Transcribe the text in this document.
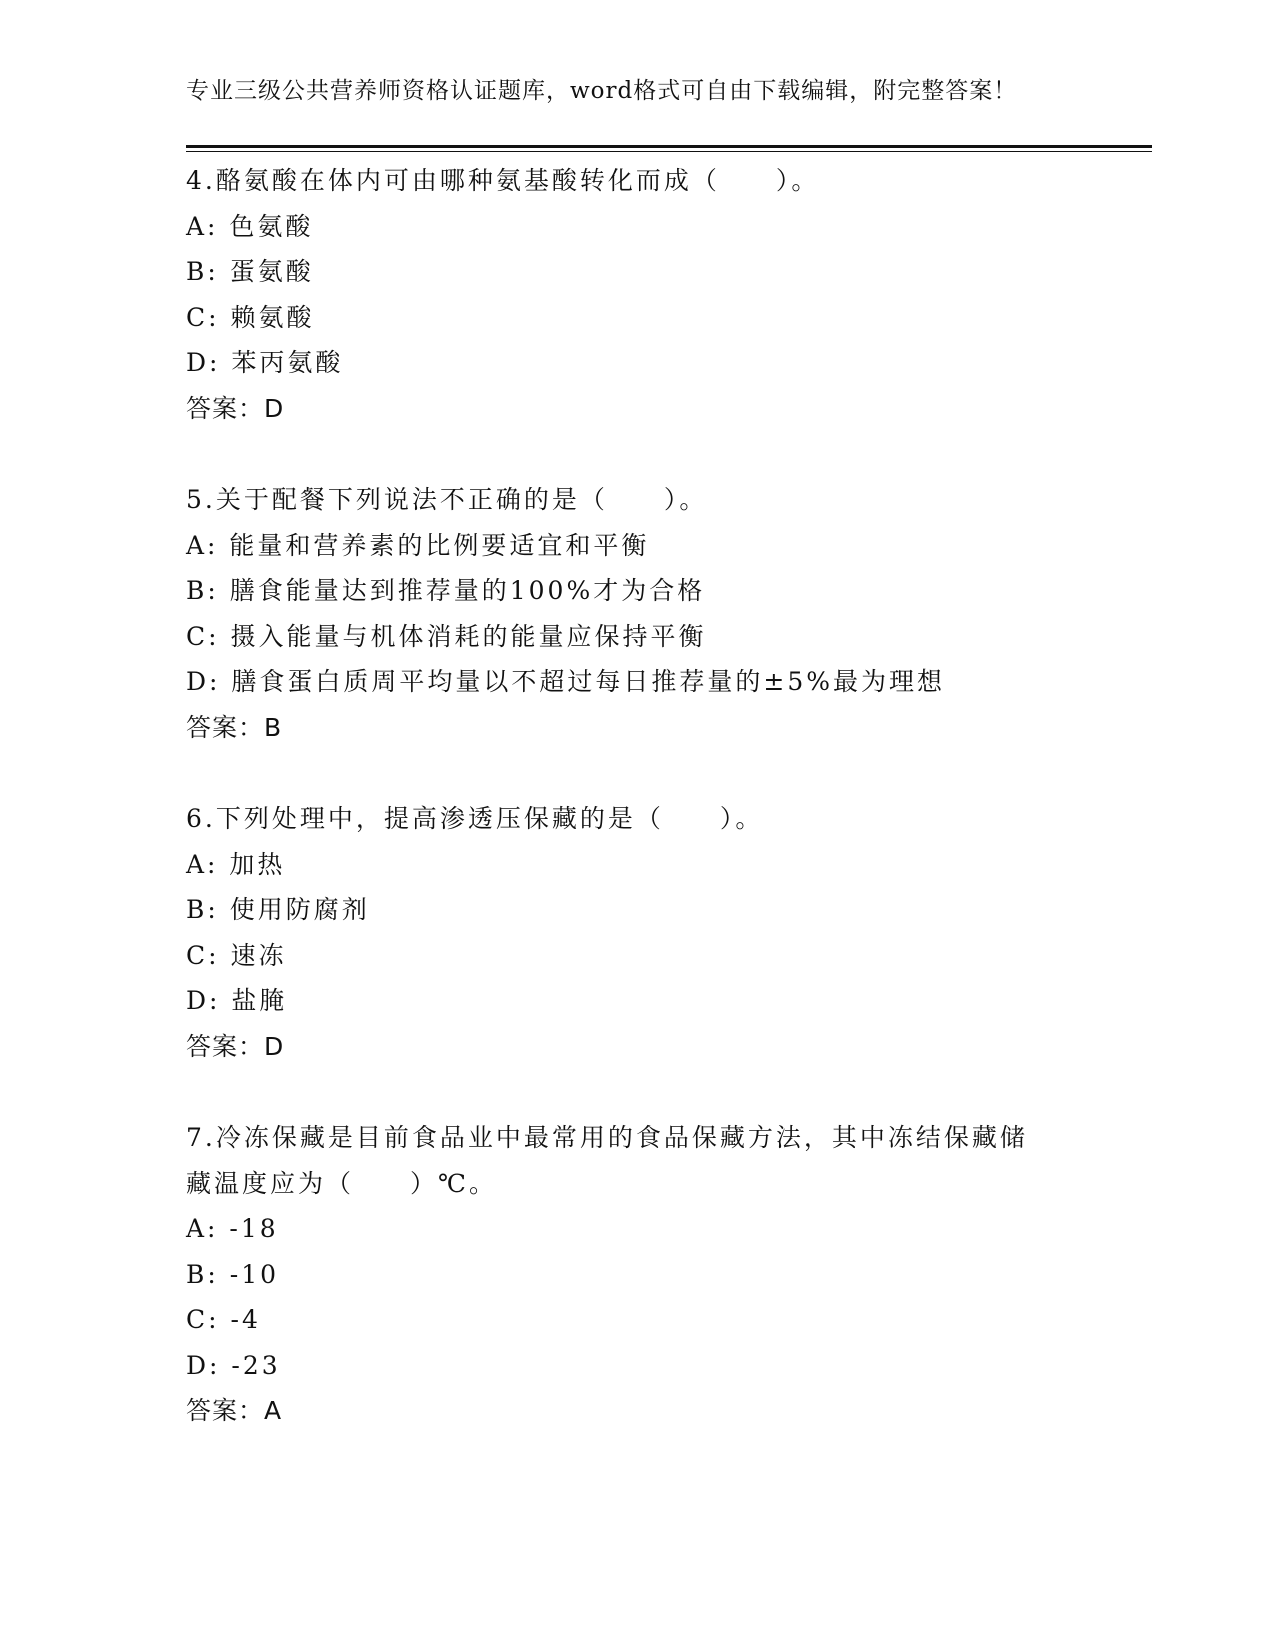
专业三级公共营养师资格认证题库，word格式可自由下载编辑，附完整答案！
4.酪氨酸在体内可由哪种氨基酸转化而成（　　）。
A: 色氨酸
B: 蛋氨酸
C: 赖氨酸
D: 苯丙氨酸
答案：D
5.关于配餐下列说法不正确的是（　　）。
A: 能量和营养素的比例要适宜和平衡
B: 膳食能量达到推荐量的100%才为合格
C: 摄入能量与机体消耗的能量应保持平衡
D: 膳食蛋白质周平均量以不超过每日推荐量的±5%最为理想
答案：B
6.下列处理中，提高渗透压保藏的是（　　）。
A: 加热
B: 使用防腐剂
C: 速冻
D: 盐腌
答案：D
7.冷冻保藏是目前食品业中最常用的食品保藏方法，其中冻结保藏储
藏温度应为（　　）℃。
A: -18
B: -10
C: -4
D: -23
答案：A
